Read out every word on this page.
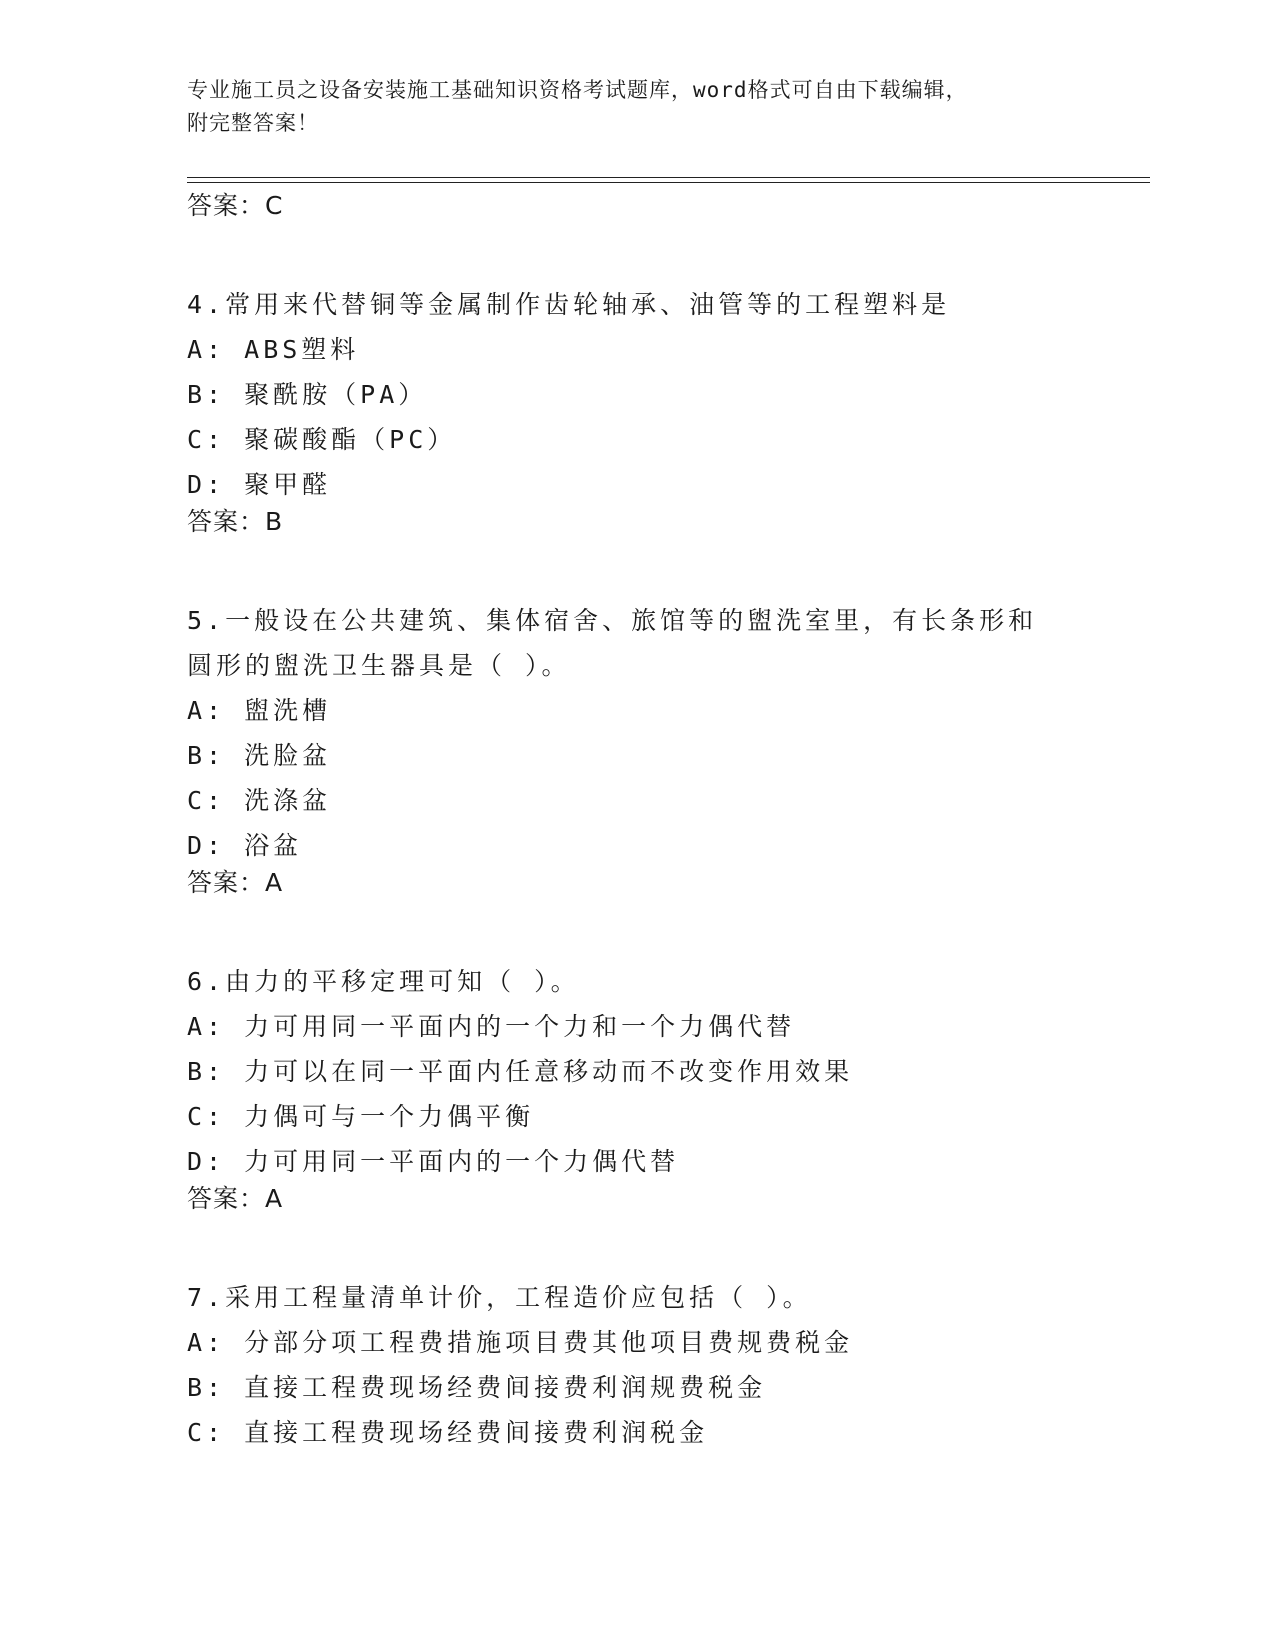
专业施工员之设备安装施工基础知识资格考试题库，word格式可自由下载编辑，
附完整答案！
答案：C
4.常用来代替铜等金属制作齿轮轴承、油管等的工程塑料是
A: ABS塑料
B: 聚酰胺（PA）
C: 聚碳酸酯（PC）
D: 聚甲醛
答案：B
5.一般设在公共建筑、集体宿舍、旅馆等的盥洗室里，有长条形和圆形的盥洗卫生器具是（ ）。
A: 盥洗槽
B: 洗脸盆
C: 洗涤盆
D: 浴盆
答案：A
6.由力的平移定理可知（ ）。
A: 力可用同一平面内的一个力和一个力偶代替
B: 力可以在同一平面内任意移动而不改变作用效果
C: 力偶可与一个力偶平衡
D: 力可用同一平面内的一个力偶代替
答案：A
7.采用工程量清单计价，工程造价应包括（ ）。
A: 分部分项工程费措施项目费其他项目费规费税金
B: 直接工程费现场经费间接费利润规费税金
C: 直接工程费现场经费间接费利润税金
